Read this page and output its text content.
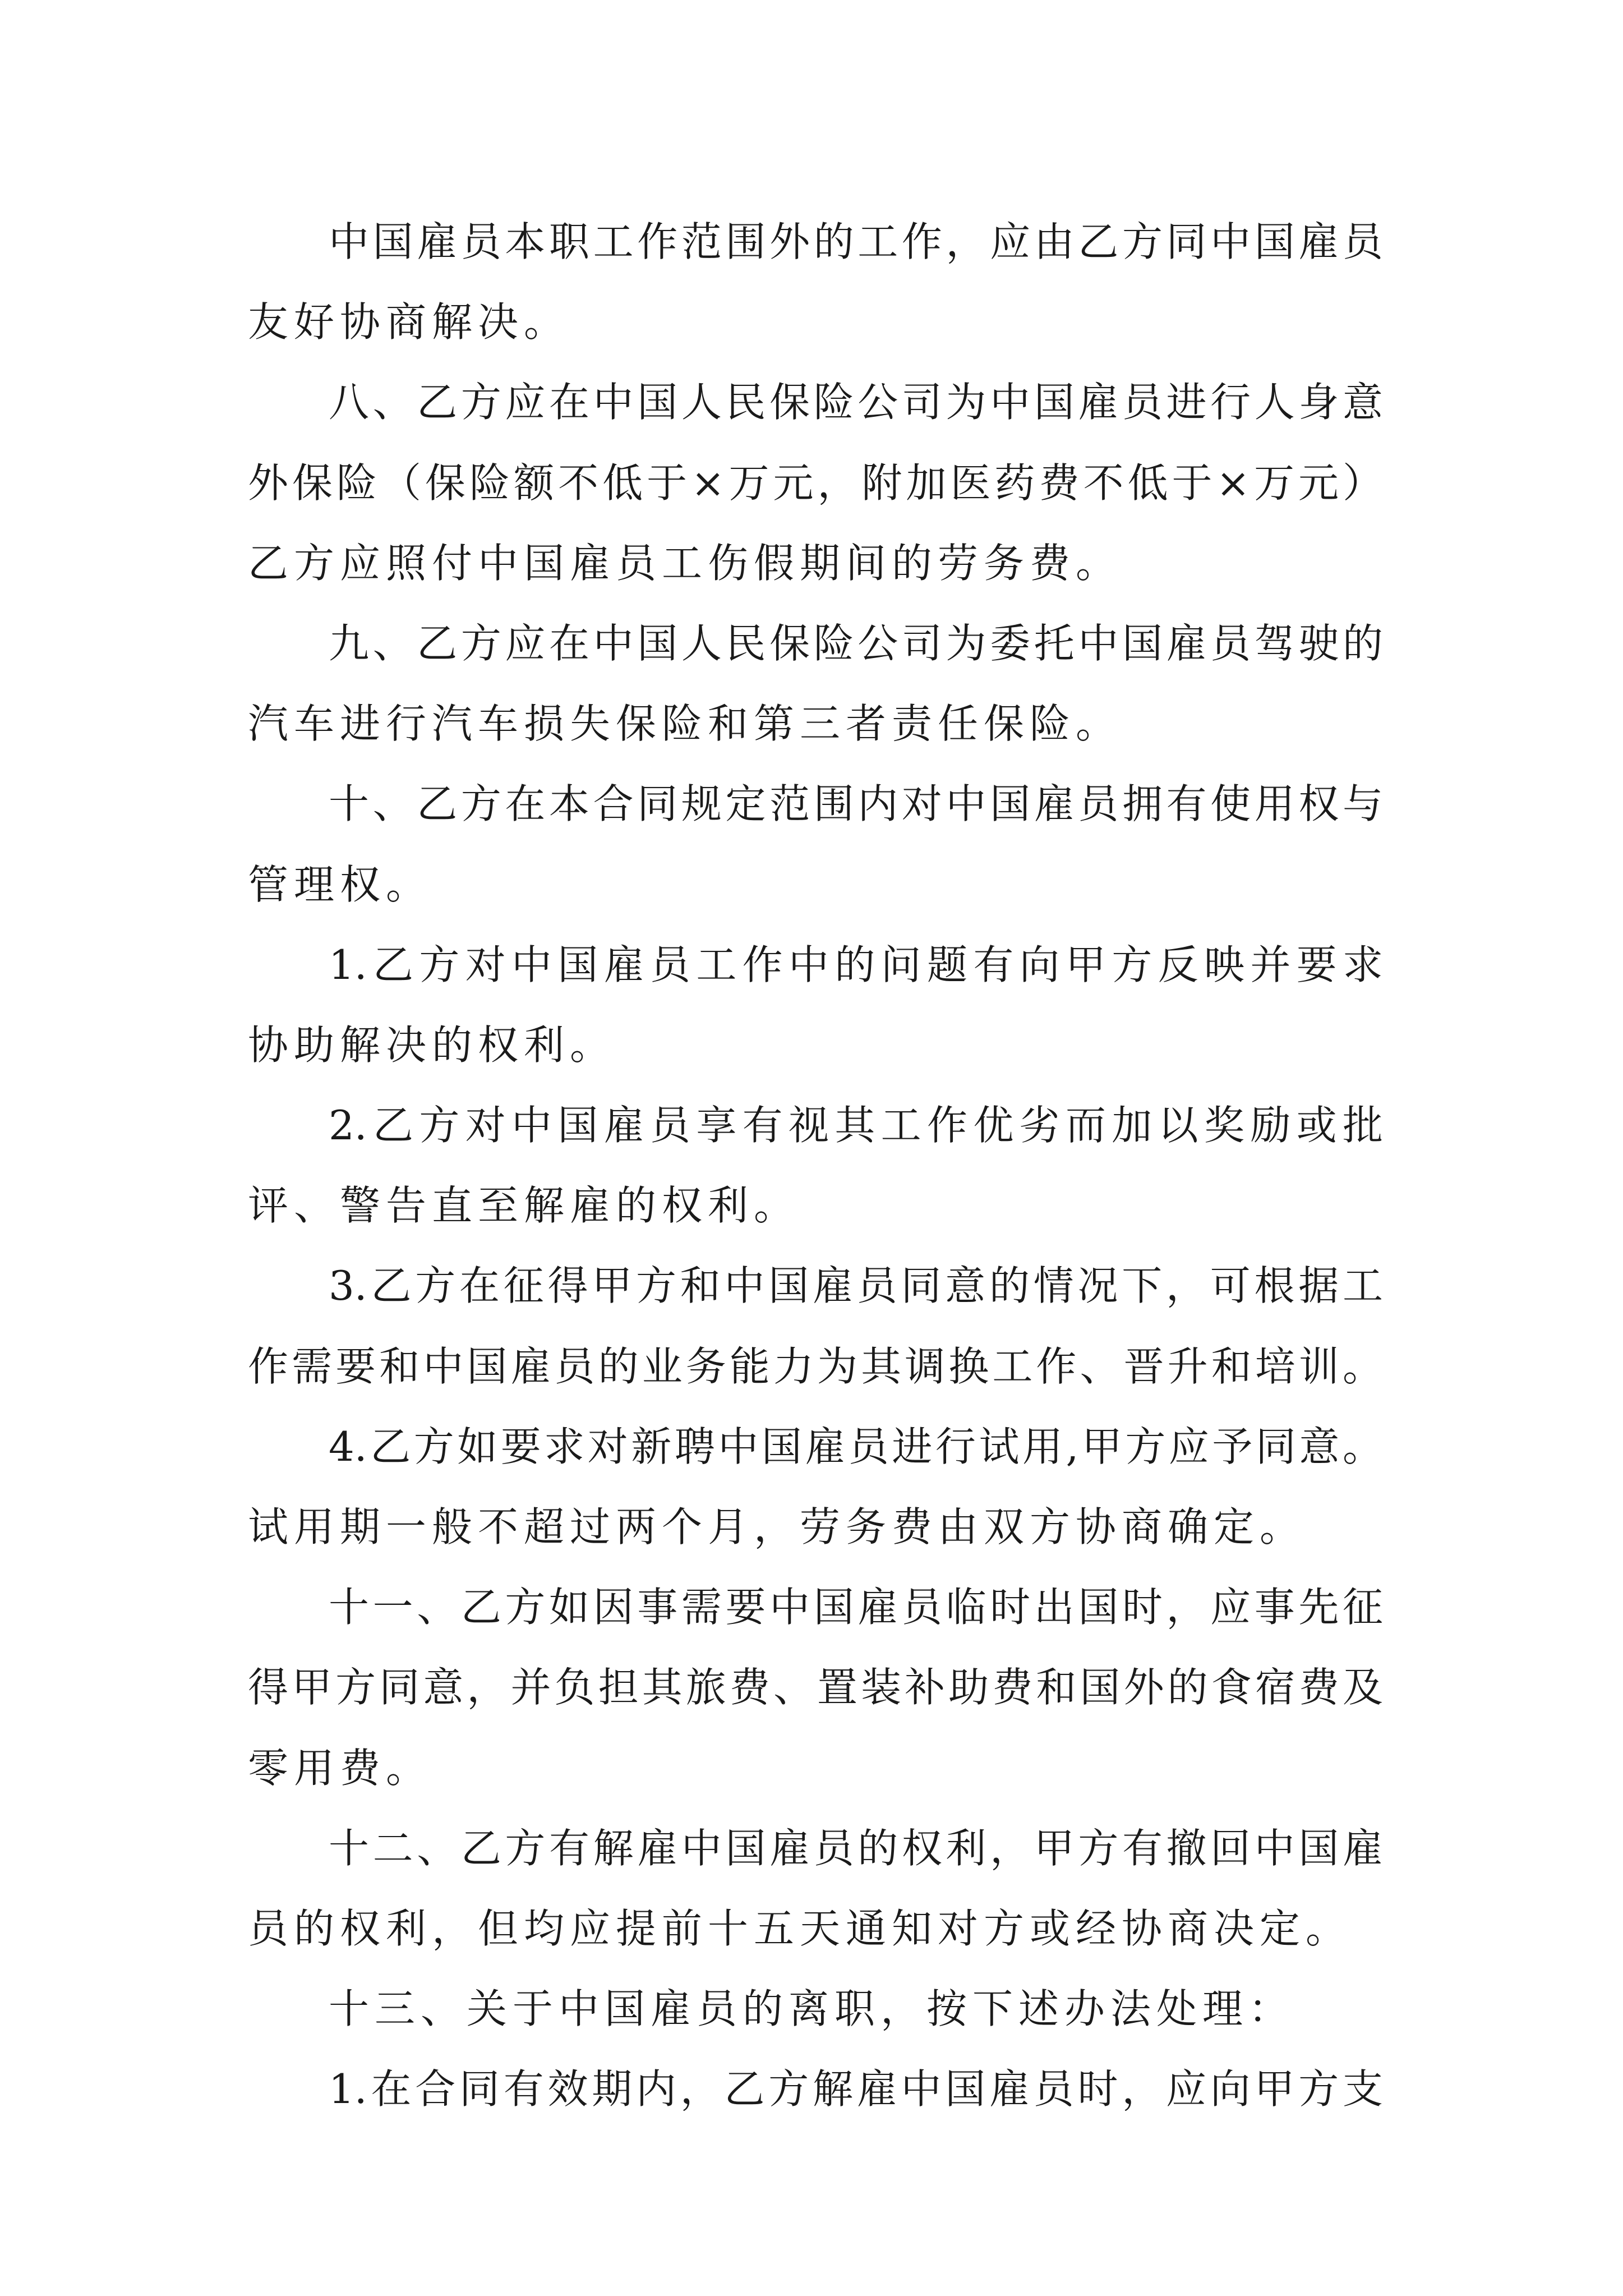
中国雇员本职工作范围外的工作，应由乙方同中国雇员
友好协商解决。
八、乙方应在中国人民保险公司为中国雇员进行人身意
外保险（保险额不低于×万元，附加医药费不低于×万元）
乙方应照付中国雇员工伤假期间的劳务费。
九、乙方应在中国人民保险公司为委托中国雇员驾驶的
汽车进行汽车损失保险和第三者责任保险。
十、乙方在本合同规定范围内对中国雇员拥有使用权与
管理权。
1.乙方对中国雇员工作中的问题有向甲方反映并要求
协助解决的权利。
2.乙方对中国雇员享有视其工作优劣而加以奖励或批
评、警告直至解雇的权利。
3.乙方在征得甲方和中国雇员同意的情况下，可根据工
作需要和中国雇员的业务能力为其调换工作、晋升和培训。
4.乙方如要求对新聘中国雇员进行试用,甲方应予同意。
试用期一般不超过两个月，劳务费由双方协商确定。
十一、乙方如因事需要中国雇员临时出国时，应事先征
得甲方同意，并负担其旅费、置装补助费和国外的食宿费及
零用费。
十二、乙方有解雇中国雇员的权利，甲方有撤回中国雇
员的权利，但均应提前十五天通知对方或经协商决定。
十三、关于中国雇员的离职，按下述办法处理：
1.在合同有效期内，乙方解雇中国雇员时，应向甲方支
